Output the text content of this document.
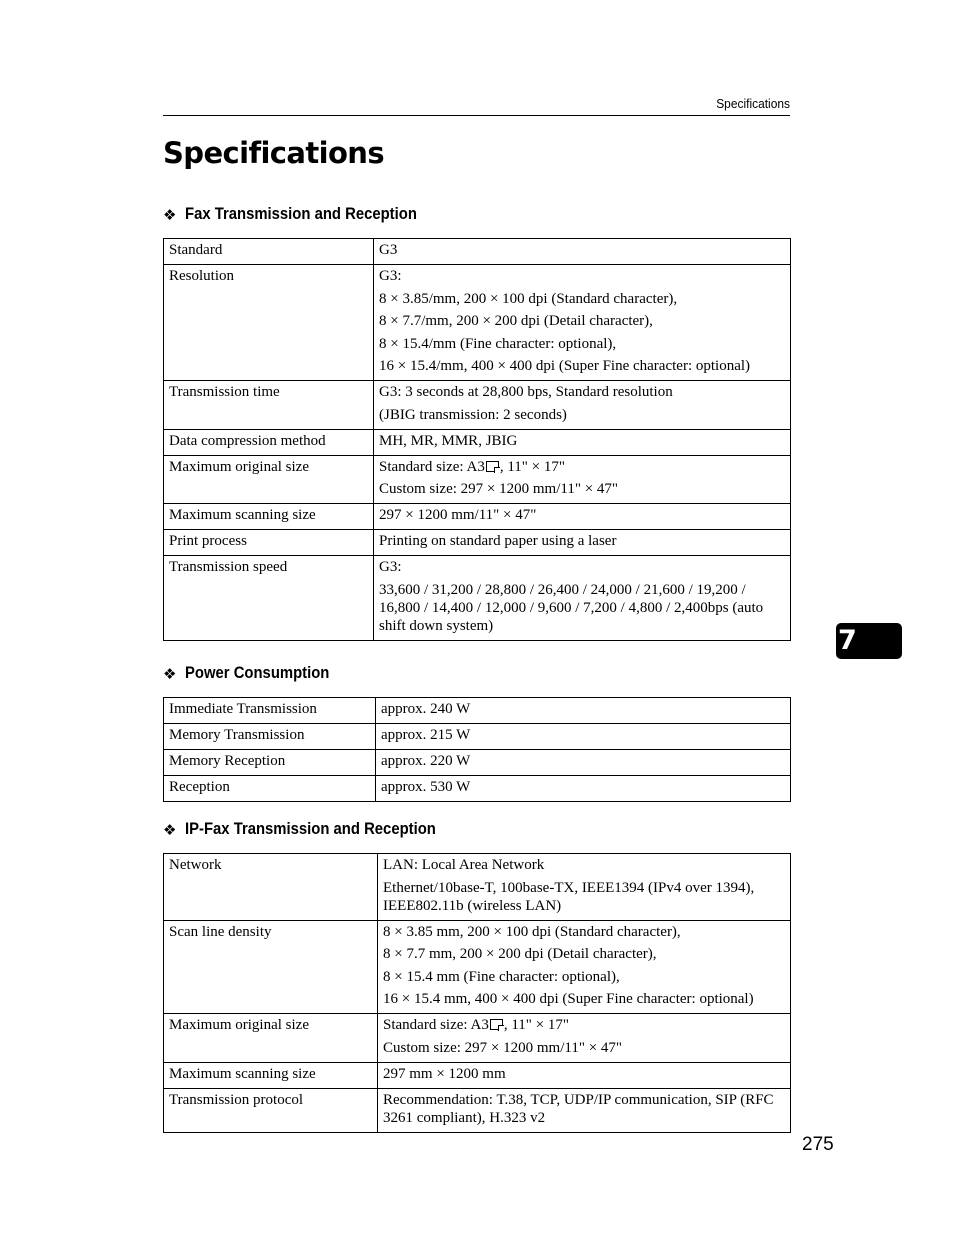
Specifications
Specifications
❖ Fax Transmission and Reception
Standard	G3

Resolution	G3:
8 × 3.85/mm, 200 × 100 dpi (Standard character),
8 × 7.7/mm, 200 × 200 dpi (Detail character),
8 × 15.4/mm (Fine character: optional),
16 × 15.4/mm, 400 × 400 dpi (Super Fine character: optional)

Transmission time	G3: 3 seconds at 28,800 bps, Standard resolution
(JBIG transmission: 2 seconds)

Data compression method	MH, MR, MMR, JBIG

Maximum original size	Standard size: A3 , 11" × 17"
Custom size: 297 × 1200 mm/11" × 47"

Maximum scanning size	297 × 1200 mm/11" × 47"

Print process	Printing on standard paper using a laser

Transmission speed	G3:
33,600 / 31,200 / 28,800 / 26,400 / 24,000 / 21,600 / 19,200 / 16,800 / 14,400 / 12,000 / 9,600 / 7,200 / 4,800 / 2,400bps (auto shift down system)
❖ Power Consumption
Immediate Transmission	approx. 240 W

Memory Transmission	approx. 215 W

Memory Reception	approx. 220 W

Reception	approx. 530 W
❖ IP-Fax Transmission and Reception
Network	LAN: Local Area Network
Ethernet/10base-T, 100base-TX, IEEE1394 (IPv4 over 1394), IEEE802.11b (wireless LAN)

Scan line density	8 × 3.85 mm, 200 × 100 dpi (Standard character),
8 × 7.7 mm, 200 × 200 dpi (Detail character),
8 × 15.4 mm (Fine character: optional),
16 × 15.4 mm, 400 × 400 dpi (Super Fine character: optional)

Maximum original size	Standard size: A3 , 11" × 17"
Custom size: 297 × 1200 mm/11" × 47"

Maximum scanning size	297 mm × 1200 mm

Transmission protocol	Recommendation: T.38, TCP, UDP/IP communication, SIP (RFC 3261 compliant), H.323 v2
7
275
